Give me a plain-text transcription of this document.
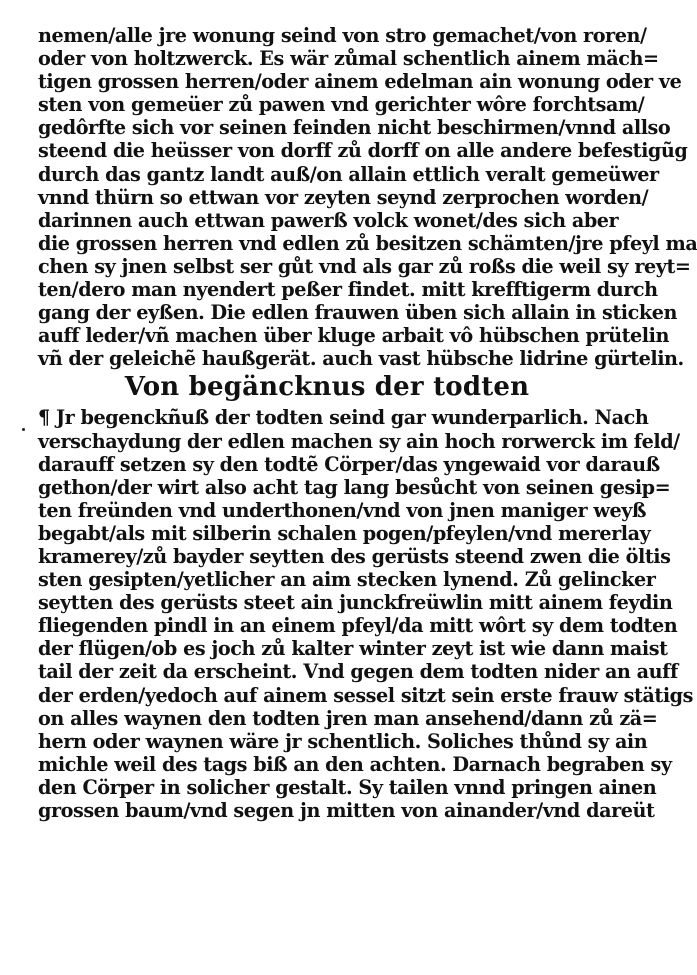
nemen/alle jre wonung seind von stro gemachet/von roren/

oder von holtzwerck. Es wär zůmal schentlich ainem mäch=

tigen grossen herren/oder ainem edelman ain wonung oder ve

sten von gemeüer zů pawen vnd gerichter wôre forchtsam/

gedôrfte sich vor seinen feinden nicht beschirmen/vnnd allso

steend die heüsser von dorff zů dorff on alle andere befestigũg

durch das gantz landt auß/on allain ettlich veralt gemeüwer

vnnd thürn so ettwan vor zeyten seynd zerprochen worden/

darinnen auch ettwan pawerß volck wonet/des sich aber

die grossen herren vnd edlen zů besitzen schämten/jre pfeyl ma

chen sy jnen selbst ser gůt vnd als gar zů roßs die weil sy reyt=

ten/dero man nyendert peßer findet. mitt krefftigerm durch

gang der eyßen. Die edlen frauwen üben sich allain in sticken

auff leder/vñ machen über kluge arbait vô hübschen prütelin

vñ der geleichẽ haußgerät. auch vast hübsche lidrine gürtelin.

Von begäncknus der todten

¶ Jr begenckñuß der todten seind gar wunderparlich. Nach

verschaydung der edlen machen sy ain hoch rorwerck im feld/

darauff setzen sy den todtẽ Cörper/das yngewaid vor darauß

gethon/der wirt also acht tag lang besůcht von seinen gesip=

ten freünden vnd underthonen/vnd von jnen maniger weyß

begabt/als mit silberin schalen pogen/pfeylen/vnd mererlay

kramerey/zů bayder seytten des gerüsts steend zwen die öltis

sten gesipten/yetlicher an aim stecken lynend. Zů gelincker

seytten des gerüsts steet ain junckfreüwlin mitt ainem feydin

fliegenden pindl in an einem pfeyl/da mitt wôrt sy dem todten

der flügen/ob es joch zů kalter winter zeyt ist wie dann maist

tail der zeit da erscheint. Vnd gegen dem todten nider an auff

der erden/yedoch auf ainem sessel sitzt sein erste frauw stätigs

on alles waynen den todten jren man ansehend/dann zů zä=

hern oder waynen wäre jr schentlich. Soliches thůnd sy ain

michle weil des tags biß an den achten. Darnach begraben sy

den Cörper in solicher gestalt. Sy tailen vnnd pringen ainen

grossen baum/vnd segen jn mitten von ainander/vnd dareüt
